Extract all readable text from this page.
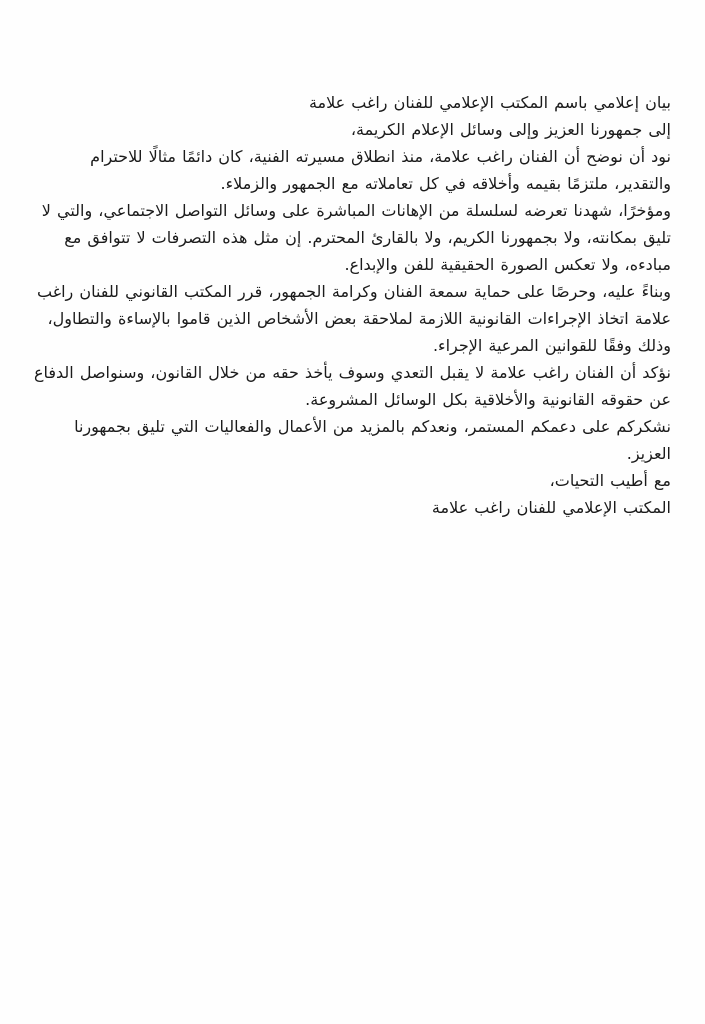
بيان إعلامي باسم المكتب الإعلامي للفنان راغب علامة

إلى جمهورنا العزيز وإلى وسائل الإعلام الكريمة،

نود أن نوضح أن الفنان راغب علامة، منذ انطلاق مسيرته الفنية، كان دائمًا مثالًا للاحترام والتقدير، ملتزمًا بقيمه وأخلاقه في كل تعاملاته مع الجمهور والزملاء.

ومؤخرًا، شهدنا تعرضه لسلسلة من الإهانات المباشرة على وسائل التواصل الاجتماعي، والتي لا تليق بمكانته، ولا بجمهورنا الكريم، ولا بالقارئ المحترم. إن مثل هذه التصرفات لا تتوافق مع مبادءه، ولا تعكس الصورة الحقيقية للفن والإبداع.

وبناءً عليه، وحرصًا على حماية سمعة الفنان وكرامة الجمهور، قرر المكتب القانوني للفنان راغب علامة اتخاذ الإجراءات القانونية اللازمة لملاحقة بعض الأشخاص الذين قاموا بالإساءة والتطاول، وذلك وفقًا للقوانين المرعية الإجراء.

نؤكد أن الفنان راغب علامة لا يقبل التعدي وسوف يأخذ حقه من خلال القانون، وسنواصل الدفاع عن حقوقه القانونية والأخلاقية بكل الوسائل المشروعة.

نشكركم على دعمكم المستمر، ونعدكم بالمزيد من الأعمال والفعاليات التي تليق بجمهورنا العزيز.

مع أطيب التحيات،

المكتب الإعلامي للفنان راغب علامة
